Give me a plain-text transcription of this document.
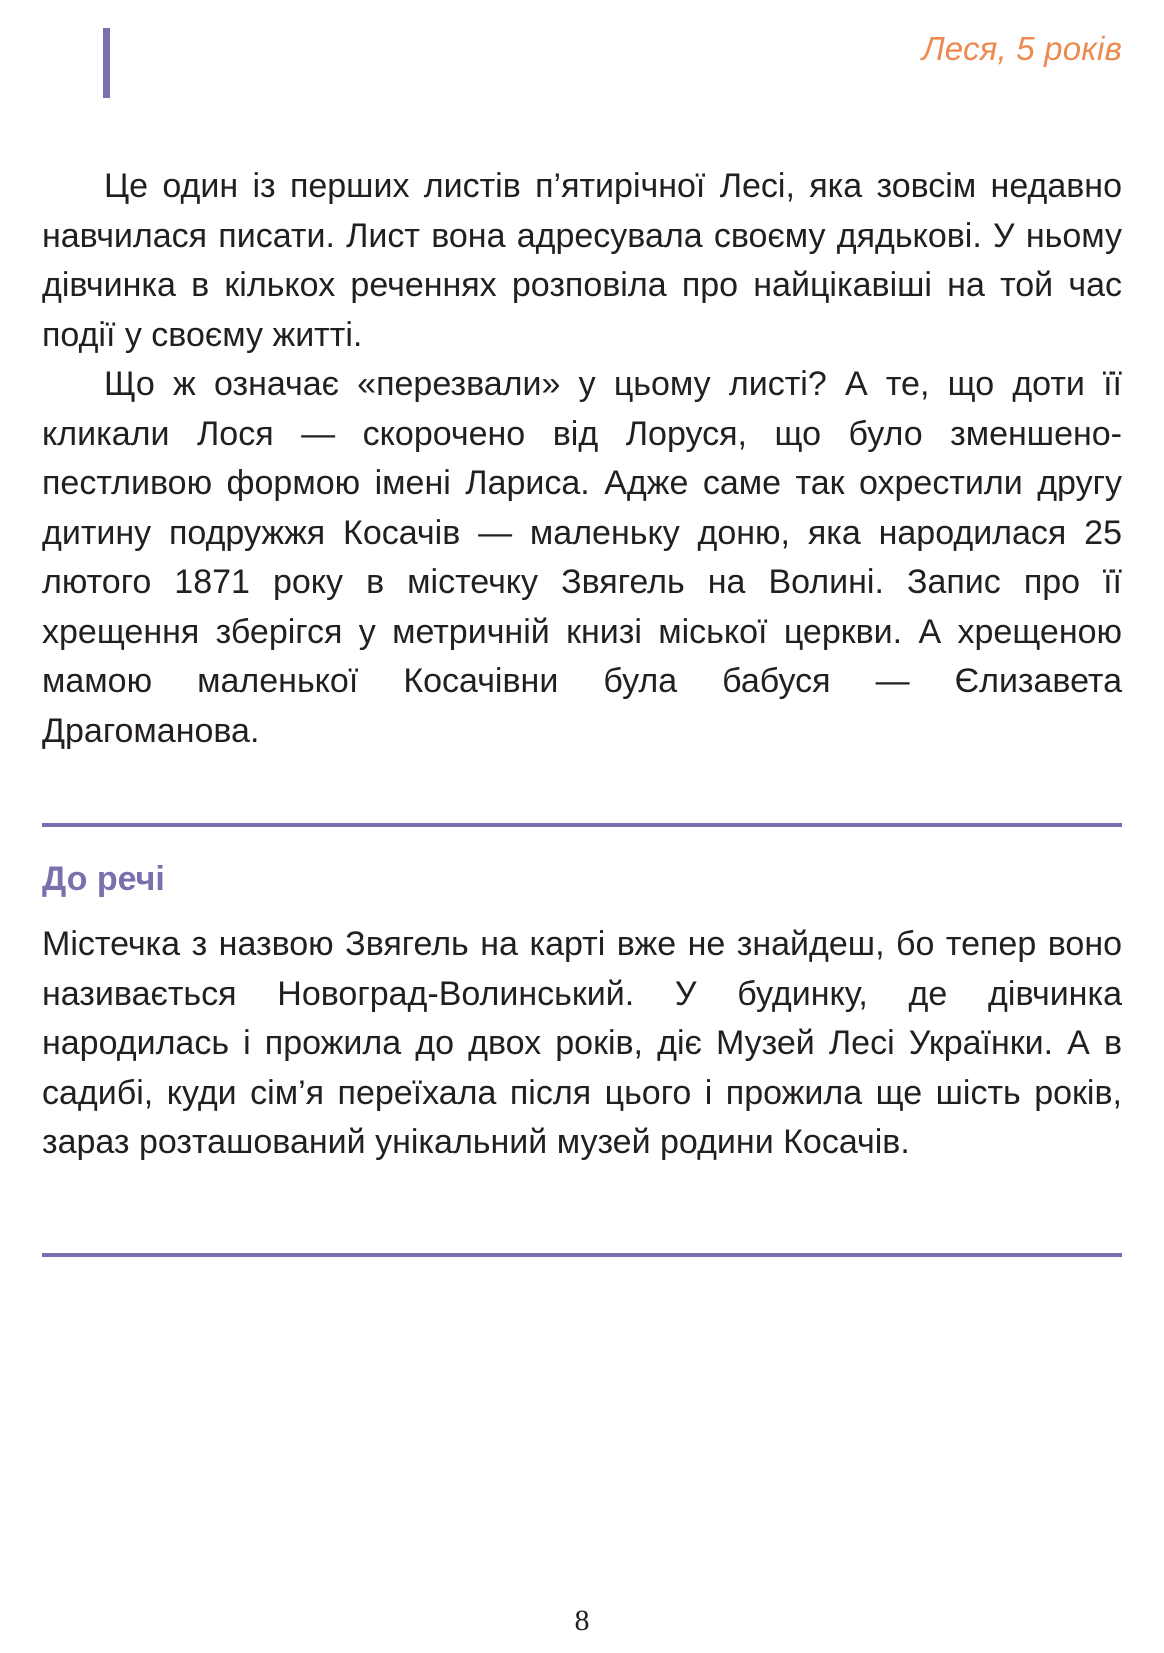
Леся, 5 років

Це один із перших листів п’ятирічної Лесі, яка зовсім недавно навчилася писати. Лист вона адресувала своєму дядькові. У ньому дівчинка в кількох реченнях розповіла про найцікавіші на той час події у своєму житті.

Що ж означає «перезвали» у цьому листі? А те, що доти її кликали Лося — скорочено від Лоруся, що було зменшено-пестливою формою імені Лариса. Адже саме так охрестили другу дитину подружжя Косачів — маленьку доню, яка народилася 25 лютого 1871 року в містечку Звягель на Волині. Запис про її хрещення зберігся у метричній книзі міської церкви. А хрещеною мамою маленької Косачівни була бабуся — Єлизавета Драгоманова.

До речі

Містечка з назвою Звягель на карті вже не знайдеш, бо тепер воно називається Новоград-Волинський. У будинку, де дівчинка народилась і прожила до двох років, діє Музей Лесі Українки. А в садибі, куди сім’я переїхала після цього і прожила ще шість років, зараз розташований унікальний музей родини Косачів.

8
